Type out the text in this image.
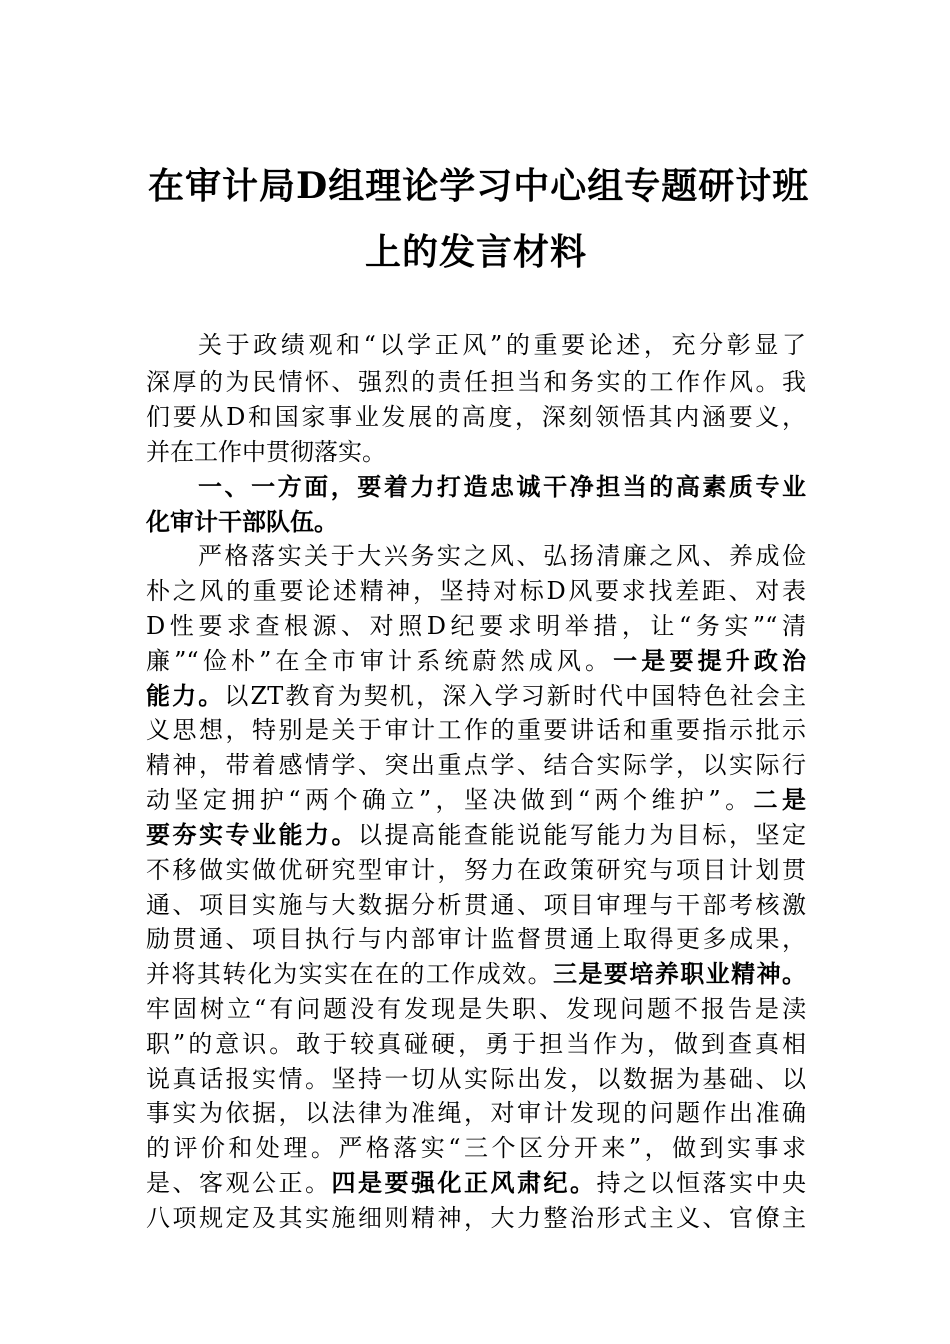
在审计局D组理论学习中心组专题研讨班
上的发言材料
关于政绩观和“以学正风”的重要论述，充分彰显了
深厚的为民情怀、强烈的责任担当和务实的工作作风。我
们要从D和国家事业发展的高度，深刻领悟其内涵要义，
并在工作中贯彻落实。
一、一方面，要着力打造忠诚干净担当的高素质专业
化审计干部队伍。
严格落实关于大兴务实之风、弘扬清廉之风、养成俭
朴之风的重要论述精神，坚持对标D风要求找差距、对表
D性要求查根源、对照D纪要求明举措，让“务实”“清
廉”“俭朴”在全市审计系统蔚然成风。一是要提升政治
能力。以ZT教育为契机，深入学习新时代中国特色社会主
义思想，特别是关于审计工作的重要讲话和重要指示批示
精神，带着感情学、突出重点学、结合实际学，以实际行
动坚定拥护“两个确立”，坚决做到“两个维护”。二是
要夯实专业能力。以提高能查能说能写能力为目标，坚定
不移做实做优研究型审计，努力在政策研究与项目计划贯
通、项目实施与大数据分析贯通、项目审理与干部考核激
励贯通、项目执行与内部审计监督贯通上取得更多成果，
并将其转化为实实在在的工作成效。三是要培养职业精神。
牢固树立“有问题没有发现是失职、发现问题不报告是渎
职”的意识。敢于较真碰硬，勇于担当作为，做到查真相
说真话报实情。坚持一切从实际出发，以数据为基础、以
事实为依据，以法律为准绳，对审计发现的问题作出准确
的评价和处理。严格落实“三个区分开来”，做到实事求
是、客观公正。四是要强化正风肃纪。持之以恒落实中央
八项规定及其实施细则精神，大力整治形式主义、官僚主
